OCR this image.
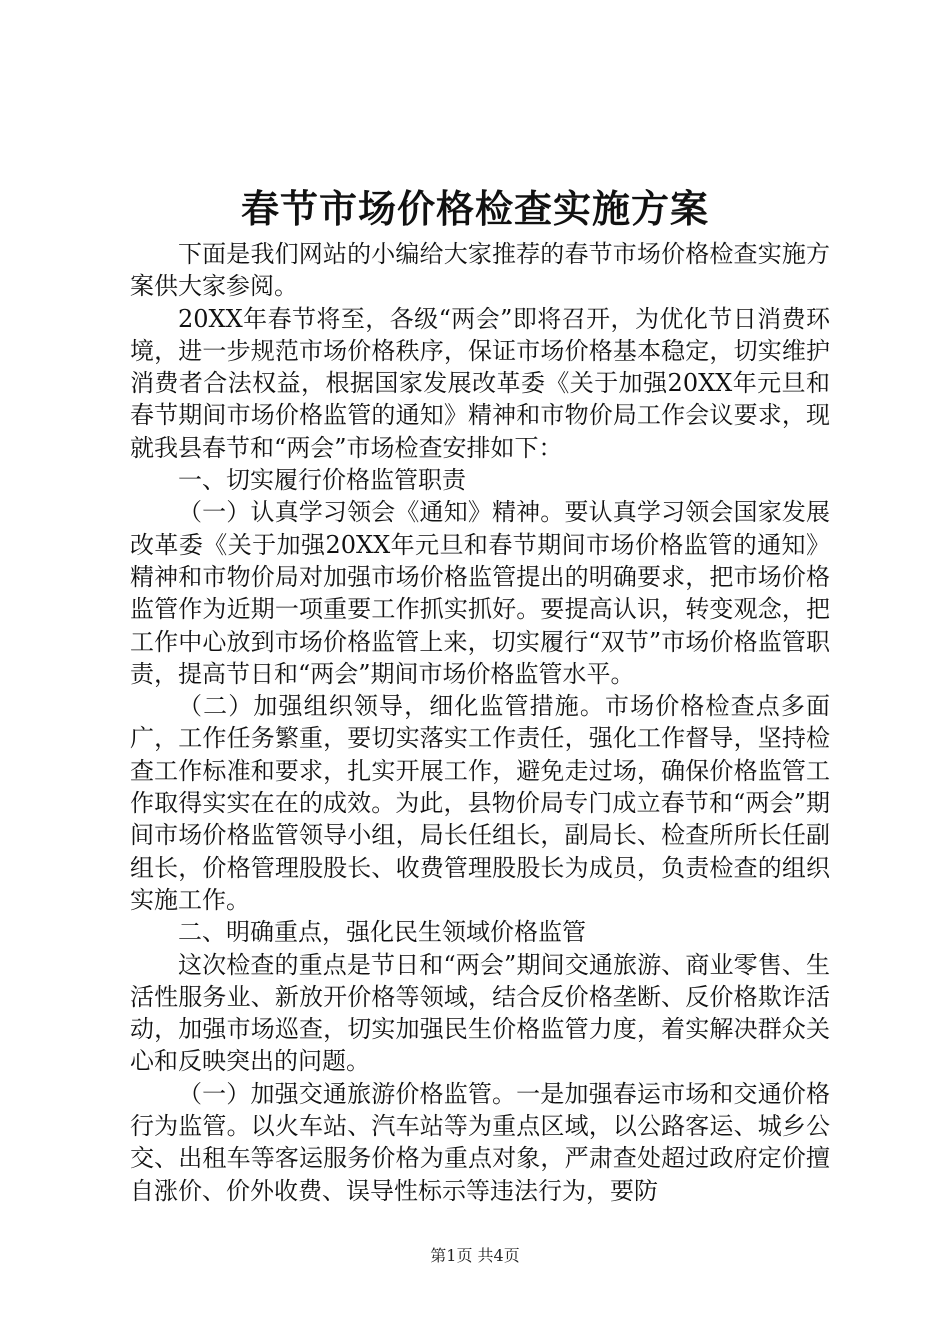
春节市场价格检查实施方案

下面是我们网站的小编给大家推荐的春节市场价格检查实施方案供大家参阅。

20XX年春节将至，各级“两会”即将召开，为优化节日消费环境，进一步规范市场价格秩序，保证市场价格基本稳定，切实维护消费者合法权益，根据国家发展改革委《关于加强20XX年元旦和春节期间市场价格监管的通知》精神和市物价局工作会议要求，现就我县春节和“两会”市场检查安排如下：

一、切实履行价格监管职责

（一）认真学习领会《通知》精神。要认真学习领会国家发展改革委《关于加强20XX年元旦和春节期间市场价格监管的通知》精神和市物价局对加强市场价格监管提出的明确要求，把市场价格监管作为近期一项重要工作抓实抓好。要提高认识，转变观念，把工作中心放到市场价格监管上来，切实履行“双节”市场价格监管职责，提高节日和“两会”期间市场价格监管水平。

（二）加强组织领导，细化监管措施。市场价格检查点多面广，工作任务繁重，要切实落实工作责任，强化工作督导，坚持检查工作标准和要求，扎实开展工作，避免走过场，确保价格监管工作取得实实在在的成效。为此，县物价局专门成立春节和“两会”期间市场价格监管领导小组，局长任组长，副局长、检查所所长任副组长，价格管理股股长、收费管理股股长为成员，负责检查的组织实施工作。

二、明确重点，强化民生领域价格监管

这次检查的重点是节日和“两会”期间交通旅游、商业零售、生活性服务业、新放开价格等领域，结合反价格垄断、反价格欺诈活动，加强市场巡查，切实加强民生价格监管力度，着实解决群众关心和反映突出的问题。

（一）加强交通旅游价格监管。一是加强春运市场和交通价格行为监管。以火车站、汽车站等为重点区域，以公路客运、城乡公交、出租车等客运服务价格为重点对象，严肃查处超过政府定价擅自涨价、价外收费、误导性标示等违法行为，要防

第1页 共4页
